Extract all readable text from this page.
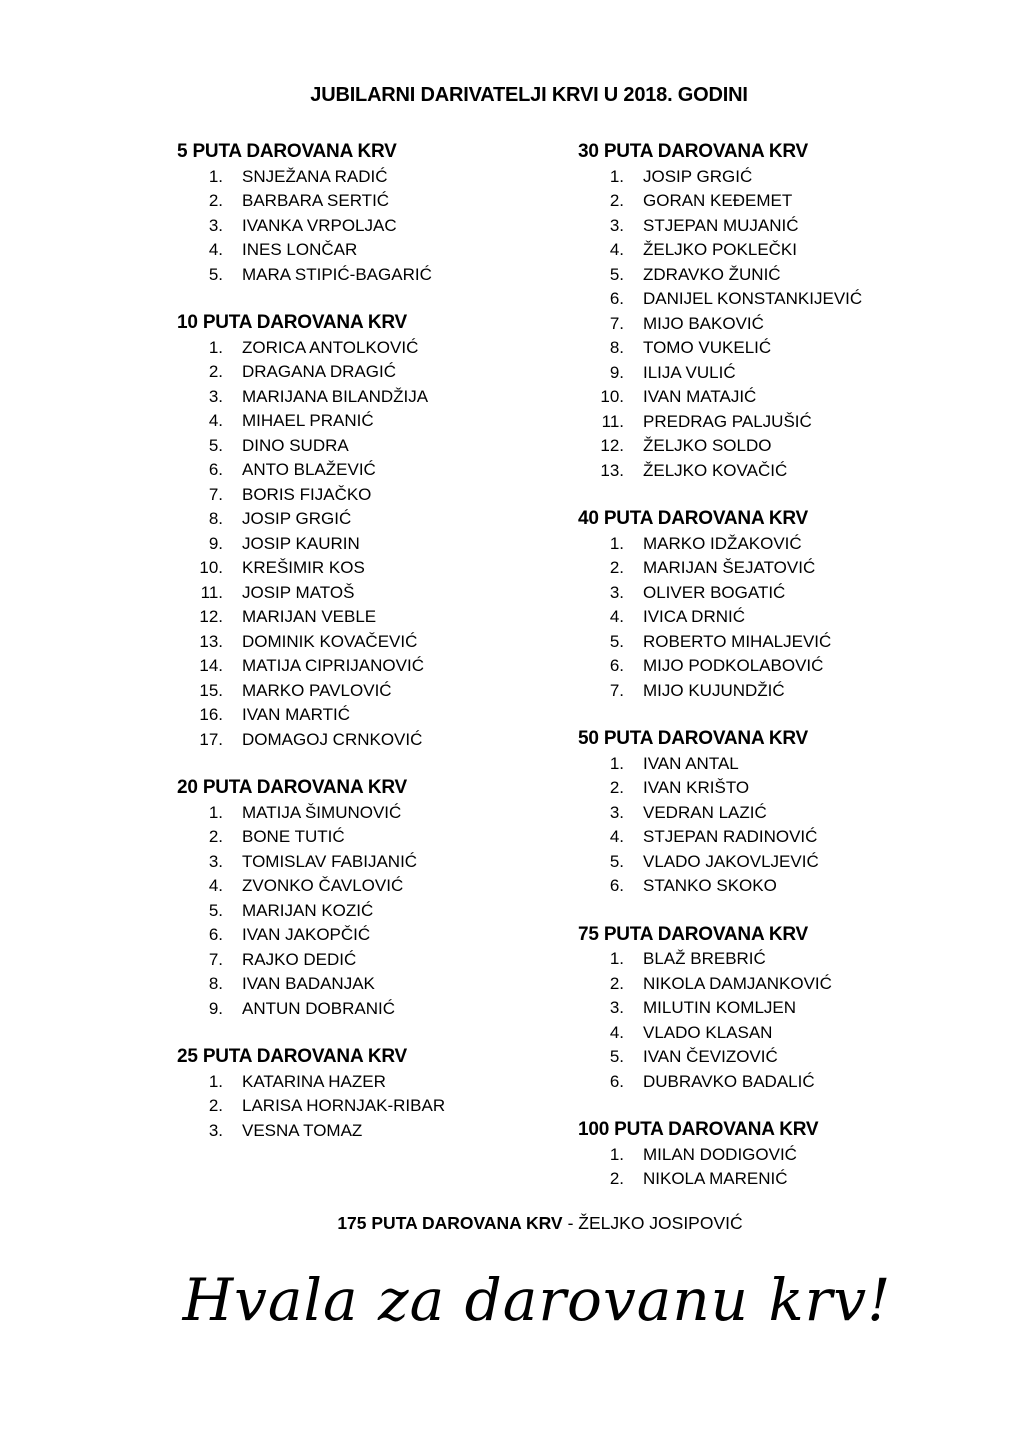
JUBILARNI DARIVATELJI KRVI U 2018. GODINI
5 PUTA DAROVANA KRV
1. SNJEŽANA RADIĆ
2. BARBARA SERTIĆ
3. IVANKA VRPOLJAC
4. INES LONČAR
5. MARA STIPIĆ-BAGARIĆ
10 PUTA DAROVANA KRV
1. ZORICA ANTOLKOVIĆ
2. DRAGANA DRAGIĆ
3. MARIJANA BILANDŽIJA
4. MIHAEL PRANIĆ
5. DINO SUDRA
6. ANTO BLAŽEVIĆ
7. BORIS FIJAČKO
8. JOSIP GRGIĆ
9. JOSIP KAURIN
10. KREŠIMIR KOS
11. JOSIP MATOŠ
12. MARIJAN VEBLE
13. DOMINIK KOVAČEVIĆ
14. MATIJA CIPRIJANOVIĆ
15. MARKO PAVLOVIĆ
16. IVAN MARTIĆ
17. DOMAGOJ CRNKOVIĆ
20 PUTA DAROVANA KRV
1. MATIJA ŠIMUNOVIĆ
2. BONE TUTIĆ
3. TOMISLAV FABIJANIĆ
4. ZVONKO ČAVLOVIĆ
5. MARIJAN KOZIĆ
6. IVAN JAKOPČIĆ
7. RAJKO DEDIĆ
8. IVAN BADANJAK
9. ANTUN DOBRANIĆ
25 PUTA DAROVANA KRV
1. KATARINA HAZER
2. LARISA HORNJAK-RIBAR
3. VESNA TOMAZ
30 PUTA DAROVANA KRV
1. JOSIP GRGIĆ
2. GORAN KEĐEMET
3. STJEPAN MUJANIĆ
4. ŽELJKO POKLEČKI
5. ZDRAVKO ŽUNIĆ
6. DANIJEL KONSTANKIJEVIĆ
7. MIJO BAKOVIĆ
8. TOMO VUKELIĆ
9. ILIJA VULIĆ
10. IVAN MATAJIĆ
11. PREDRAG PALJUŠIĆ
12. ŽELJKO SOLDO
13. ŽELJKO KOVAČIĆ
40 PUTA DAROVANA KRV
1. MARKO IDŽAKOVIĆ
2. MARIJAN ŠEJATOVIĆ
3. OLIVER BOGATIĆ
4. IVICA DRNIĆ
5. ROBERTO MIHALJEVIĆ
6. MIJO PODKOLABOVIĆ
7. MIJO KUJUNDŽIĆ
50 PUTA DAROVANA KRV
1. IVAN ANTAL
2. IVAN KRIŠTO
3. VEDRAN LAZIĆ
4. STJEPAN RADINOVIĆ
5. VLADO JAKOVLJEVIĆ
6. STANKO SKOKO
75 PUTA DAROVANA KRV
1. BLAŽ BREBRIĆ
2. NIKOLA DAMJANKOVIĆ
3. MILUTIN KOMLJEN
4. VLADO KLASAN
5. IVAN ČEVIZOVIĆ
6. DUBRAVKO BADALIĆ
100 PUTA DAROVANA KRV
1. MILAN DODIGOVIĆ
2. NIKOLA MARENIĆ

175 PUTA DAROVANA KRV - ŽELJKO JOSIPOVIĆ

Hvala za darovanu krv!
